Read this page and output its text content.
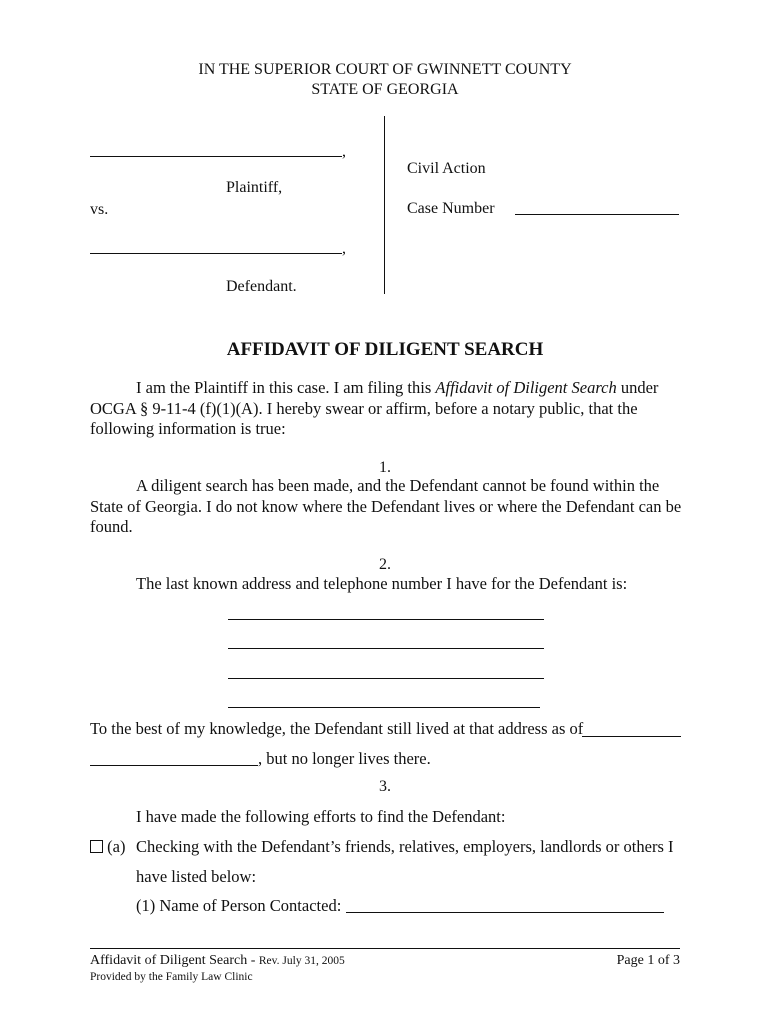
IN THE SUPERIOR COURT OF GWINNETT COUNTY
STATE OF GEORGIA
,
Plaintiff,
vs.
,
Defendant.
Civil Action
Case Number
AFFIDAVIT OF DILIGENT SEARCH
I am the Plaintiff in this case. I am filing this Affidavit of Diligent Search under OCGA § 9-11-4 (f)(1)(A). I hereby swear or affirm, before a notary public, that the following information is true:
1.
A diligent search has been made, and the Defendant cannot be found within the State of Georgia. I do not know where the Defendant lives or where the Defendant can be found.
2.
The last known address and telephone number I have for the Defendant is:
To the best of my knowledge, the Defendant still lived at that address as of
, but no longer lives there.
3.
I have made the following efforts to find the Defendant:
(a) Checking with the Defendant’s friends, relatives, employers, landlords or others I
have listed below:
(1) Name of Person Contacted:
Affidavit of Diligent Search - Rev. July 31, 2005
Provided by the Family Law Clinic
Page 1 of 3
